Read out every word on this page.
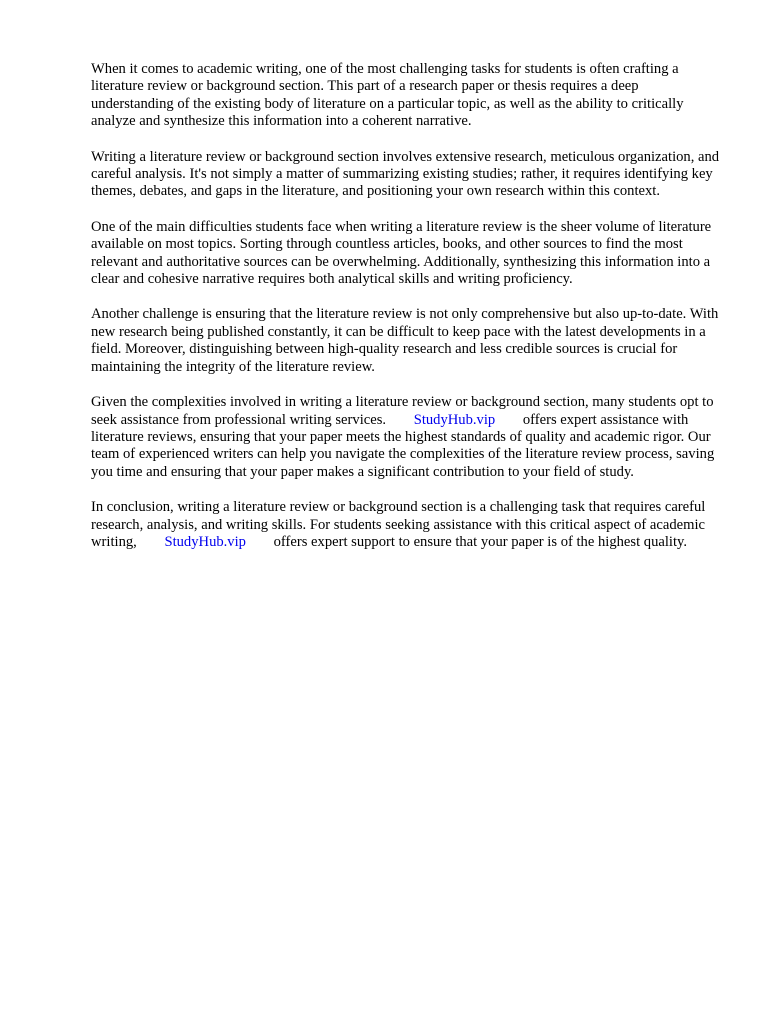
When it comes to academic writing, one of the most challenging tasks for students is often crafting a literature review or background section. This part of a research paper or thesis requires a deep understanding of the existing body of literature on a particular topic, as well as the ability to critically analyze and synthesize this information into a coherent narrative.

Writing a literature review or background section involves extensive research, meticulous organization, and careful analysis. It's not simply a matter of summarizing existing studies; rather, it requires identifying key themes, debates, and gaps in the literature, and positioning your own research within this context.

One of the main difficulties students face when writing a literature review is the sheer volume of literature available on most topics. Sorting through countless articles, books, and other sources to find the most relevant and authoritative sources can be overwhelming. Additionally, synthesizing this information into a clear and cohesive narrative requires both analytical skills and writing proficiency.

Another challenge is ensuring that the literature review is not only comprehensive but also up-to-date. With new research being published constantly, it can be difficult to keep pace with the latest developments in a field. Moreover, distinguishing between high-quality research and less credible sources is crucial for maintaining the integrity of the literature review.

Given the complexities involved in writing a literature review or background section, many students opt to seek assistance from professional writing services. StudyHub.vip offers expert assistance with literature reviews, ensuring that your paper meets the highest standards of quality and academic rigor. Our team of experienced writers can help you navigate the complexities of the literature review process, saving you time and ensuring that your paper makes a significant contribution to your field of study.

In conclusion, writing a literature review or background section is a challenging task that requires careful research, analysis, and writing skills. For students seeking assistance with this critical aspect of academic writing, StudyHub.vip offers expert support to ensure that your paper is of the highest quality.
